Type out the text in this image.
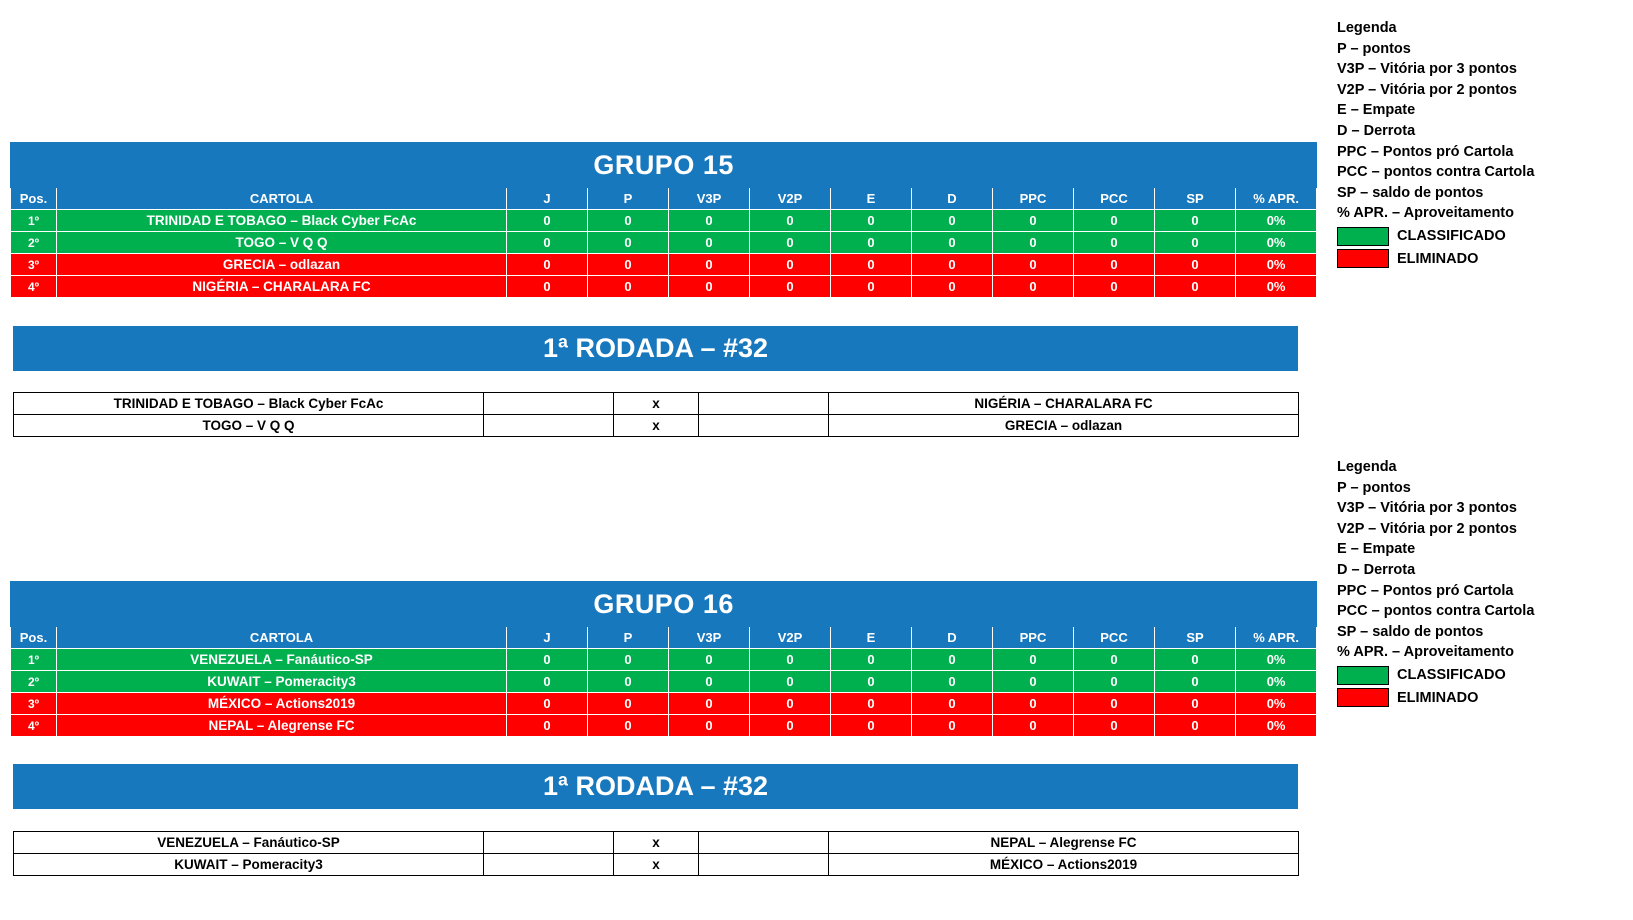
GRUPO 15											
Pos.	CARTOLA	J	P	V3P	V2P	E	D	PPC	PCC	SP	% APR.
1º	TRINIDAD E TOBAGO – Black Cyber FcAc	0	0	0	0	0	0	0	0	0	0%
2º	TOGO – V Q Q	0	0	0	0	0	0	0	0	0	0%
3º	GRECIA – odlazan	0	0	0	0	0	0	0	0	0	0%
4º	NIGÉRIA – CHARALARA FC	0	0	0	0	0	0	0	0	0	0%
1ª RODADA – #32
TRINIDAD E TOBAGO – Black Cyber FcAc		x		NIGÉRIA – CHARALARA FC
TOGO – V Q Q		x		GRECIA – odlazan
GRUPO 16											
Pos.	CARTOLA	J	P	V3P	V2P	E	D	PPC	PCC	SP	% APR.
1º	VENEZUELA – Fanáutico-SP	0	0	0	0	0	0	0	0	0	0%
2º	KUWAIT – Pomeracity3	0	0	0	0	0	0	0	0	0	0%
3º	MÉXICO – Actions2019	0	0	0	0	0	0	0	0	0	0%
4º	NEPAL – Alegrense FC	0	0	0	0	0	0	0	0	0	0%
1ª RODADA – #32
VENEZUELA – Fanáutico-SP		x		NEPAL – Alegrense FC
KUWAIT – Pomeracity3		x		MÉXICO – Actions2019
Legenda
P – pontos
V3P – Vitória por 3 pontos
V2P – Vitória por 2 pontos
E – Empate
D – Derrota
PPC – Pontos pró Cartola
PCC – pontos contra Cartola
SP – saldo de pontos
% APR. – Aproveitamento
CLASSIFICADO
ELIMINADO
Legenda
P – pontos
V3P – Vitória por 3 pontos
V2P – Vitória por 2 pontos
E – Empate
D – Derrota
PPC – Pontos pró Cartola
PCC – pontos contra Cartola
SP – saldo de pontos
% APR. – Aproveitamento
CLASSIFICADO
ELIMINADO
